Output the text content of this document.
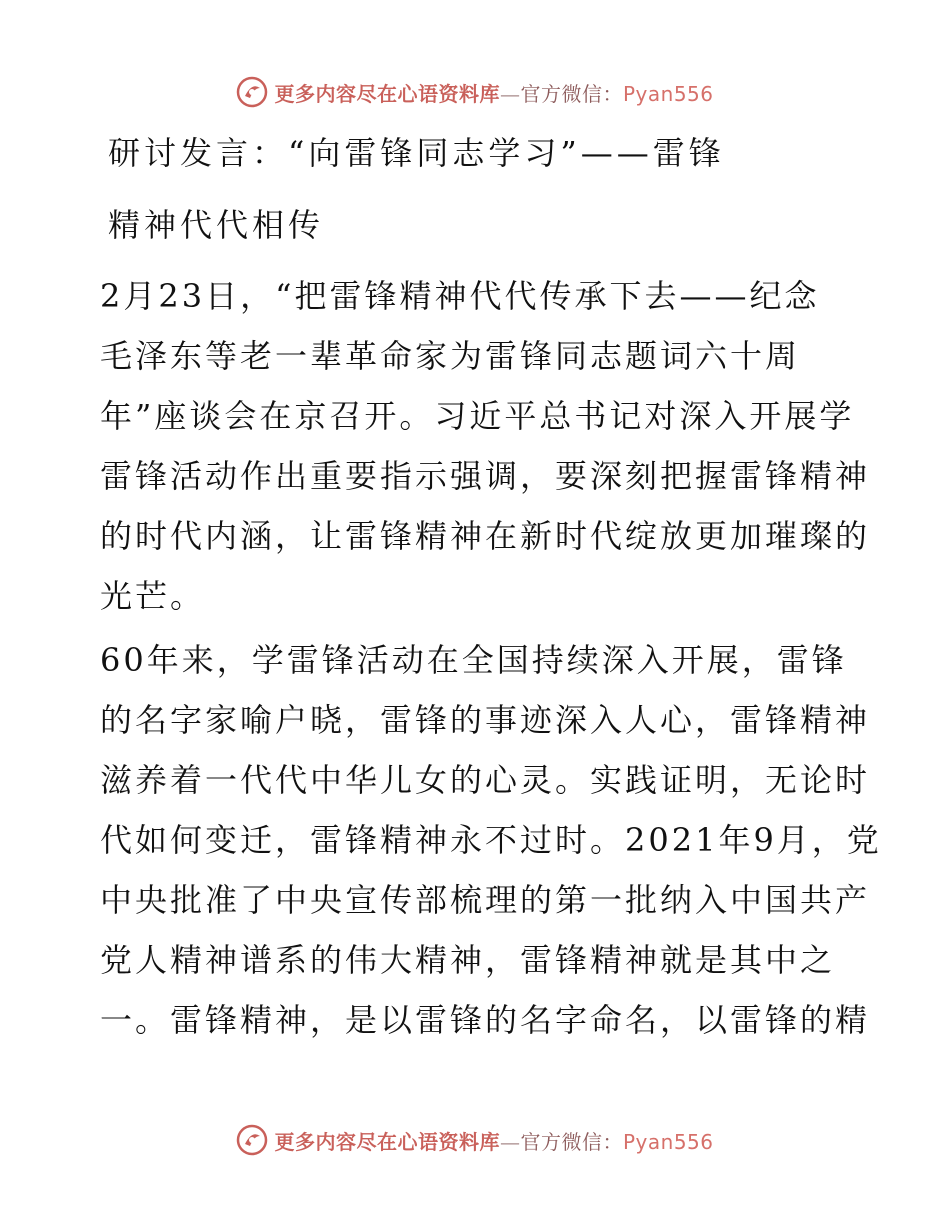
更多内容尽在心语资料库—官方微信：Pyan556
研讨发言：“向雷锋同志学习”——雷锋
精神代代相传
2月23日，“把雷锋精神代代传承下去——纪念
毛泽东等老一辈革命家为雷锋同志题词六十周
年”座谈会在京召开。习近平总书记对深入开展学
雷锋活动作出重要指示强调，要深刻把握雷锋精神
的时代内涵，让雷锋精神在新时代绽放更加璀璨的
光芒。
60年来，学雷锋活动在全国持续深入开展，雷锋
的名字家喻户晓，雷锋的事迹深入人心，雷锋精神
滋养着一代代中华儿女的心灵。实践证明，无论时
代如何变迁，雷锋精神永不过时。2021年9月，党
中央批准了中央宣传部梳理的第一批纳入中国共产
党人精神谱系的伟大精神，雷锋精神就是其中之
一。雷锋精神，是以雷锋的名字命名，以雷锋的精
更多内容尽在心语资料库—官方微信：Pyan556
